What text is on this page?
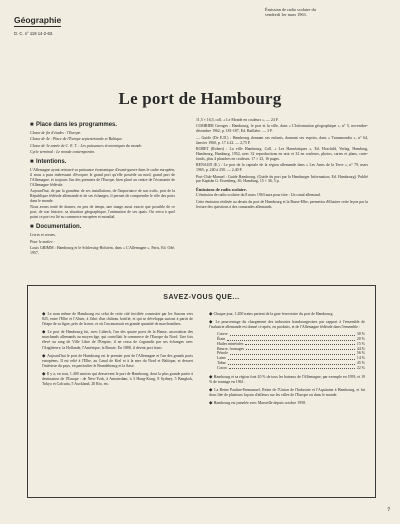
Géographie
D. C. n° 119 14-2-63.
Émission de radio scolaire du
vendredi 1er mars 1963.
Le port de Hambourg
■ Place dans les programmes.
Classe de fin d'études : l'Europe.
Classe de 4e : Place de l'Europe septentrionale et Baltique.
Classe de 3e année de C. E. T. : Les puissances économiques du monde.
Cycle terminal : Le monde contemporain.
■ Intentions.
L'Allemagne ayant retrouvé sa puissance économique d'avant-guerre dans le cadre européen, il nous a paru intéressant d'évoquer le grand port qu'elle possède au nord, grand port de l'Allemagne, et toujours l'un des premiers de l'Europe, bien placé au centre de l'économie de l'Allemagne fédérale.
Aujourd'hui, de par la grandeur de ses installations, de l'importance de son trafic, port de la République fédérale allemande et de ses échanges, il permet de comprendre le rôle des ports dans le monde.
Nous avons tenté de donner, en peu de temps, une image aussi exacte que possible de ce port, de son histoire, sa situation géographique, l'animation de ses quais. On verra à quel point ce port est lié au commerce européen et mondial.
■ Documentation.
Livres et revues.
Pour le maître :
Louis GRIMM : Hambourg et le Schleswig-Holstein, dans « L'Allemagne », Paris, Ed. Odé, 1957,
11,5 × 16,5, coll. « Le Monde en couleurs », — 24 F.
COMBIER Georges : Hambourg, le port et la ville, dans « L'Information géographique », n° 5, novembre-décembre 1962, p. 181-187, Ed. Baillière. — 3 F.
— Guide (De E.D.) : Hambourg donnant ses enfants, donnant ses espoirs, dans « Transmondia », n° 64, Janvier 1960, p. 17 à 22. — 2,75 F.
ROBET (Robert) : La ville Hambourg. Coll. « Les Hanséatiques », Ed. Hoschild, Verlag, Hamburg, Hambourg, Hamburg, 1952, avec 32 reproductions en noir et 32 en couleurs, photos, cartes et plans, carte-fonds, plus 4 planches en couleurs. 17 × 23, 16 pages.
RENAUD (E.) : Le port de la capitale de la région allemande dans « Les Amis de la Terre », n° 79, mars 1965, p. 240 à 250. — 2,40 F.
Port-Club-Manuel : Guide Hambourg. (Guide du port par la Hamburger Information, Ed. Hambourg). Publié par Kapitän G. Eisenberg, 30, Hamburg, 15 × 36, 5 p.
Émissions de radio scolaire.
L'émission de radio scolaire du 8 mars 1963 aura pour titre : Un canal allemand.
Cette émission réalisée au dessin du port de Hambourg et la Basse-Elbe, permettra d'illustrer cette leçon par la lecture des questions à des camarades allemands.
SAVEZ-VOUS QUE...
◆ Le nom même de Hambourg est celui de cette cité fortifiée construite par les Saxons vers 825, entre l'Elbe et l'Alster, à l'abri d'un château fortifié, et qui se développa surtout à partir de l'étape de sa ligue, près de la mer, et où l'on amassait en grande quantité de marchandises.
◆ Le port de Hambourg fut, avec Lübeck, l'un des quatre ports de la Hanse, association des marchands allemands au moyen âge, qui contrôlait le commerce de l'Europe du Nord. Une fois élevé au rang de Ville Libre de l'Empire, il ne cessa de s'agrandir par ses échanges avec l'Angleterre, la Hollande, l'Amérique, la Russie. En 1888, il devint port franc.
◆ Aujourd'hui le port de Hambourg est le premier port de l'Allemagne et l'un des grands ports européens. Il est relié à l'Elbe, au Canal de Kiel et à la mer du Nord et Baltique, et dessert l'intérieur du pays, en particulier le Brandebourg et la Saxe.
◆ Il y a, en tout, 1.400 navires qui desservent le port de Hambourg, dont la plus grande partie à destination de l'Europe : de New-York, à Amsterdam, à 3 Hong-Kong, 8 Sydney, 5 Bangkok, Tokyo et Calcutta, 5 Auckland, 20 Rio, etc.
◆ Chaque jour, 1.200 trains partent de la gare ferroviaire du port de Hambourg.
◆ Le pourcentage du chargement des industries hambourgeoises par rapport à l'ensemble de l'industrie allemande est donné ci-après, en produits, et de l'Allemagne fédérale dans l'ensemble :
Cuivre	30 %
Étain	20 %
Huiles minérales	15 %
Beurre, fromages	44 %
Pétrole	56 %
Laine	14 %
Tabac	45 %
Coton	22 %
◆ Hambourg et sa région font 20 % de tous les bateaux de l'Allemagne, par exemple en 1959, et 19 % de tonnage en 1961.
◆ La Reine Pauline-Emmanuel, Reine de l'Union de l'Industrie et l'Aquitaine à Hambourg, et fut donc liée de plusieurs façons d'ailleurs sur les villes de l'Europe ou dans le monde.
◆ Hambourg est jumelée avec Marseille depuis octobre 1958.
7
